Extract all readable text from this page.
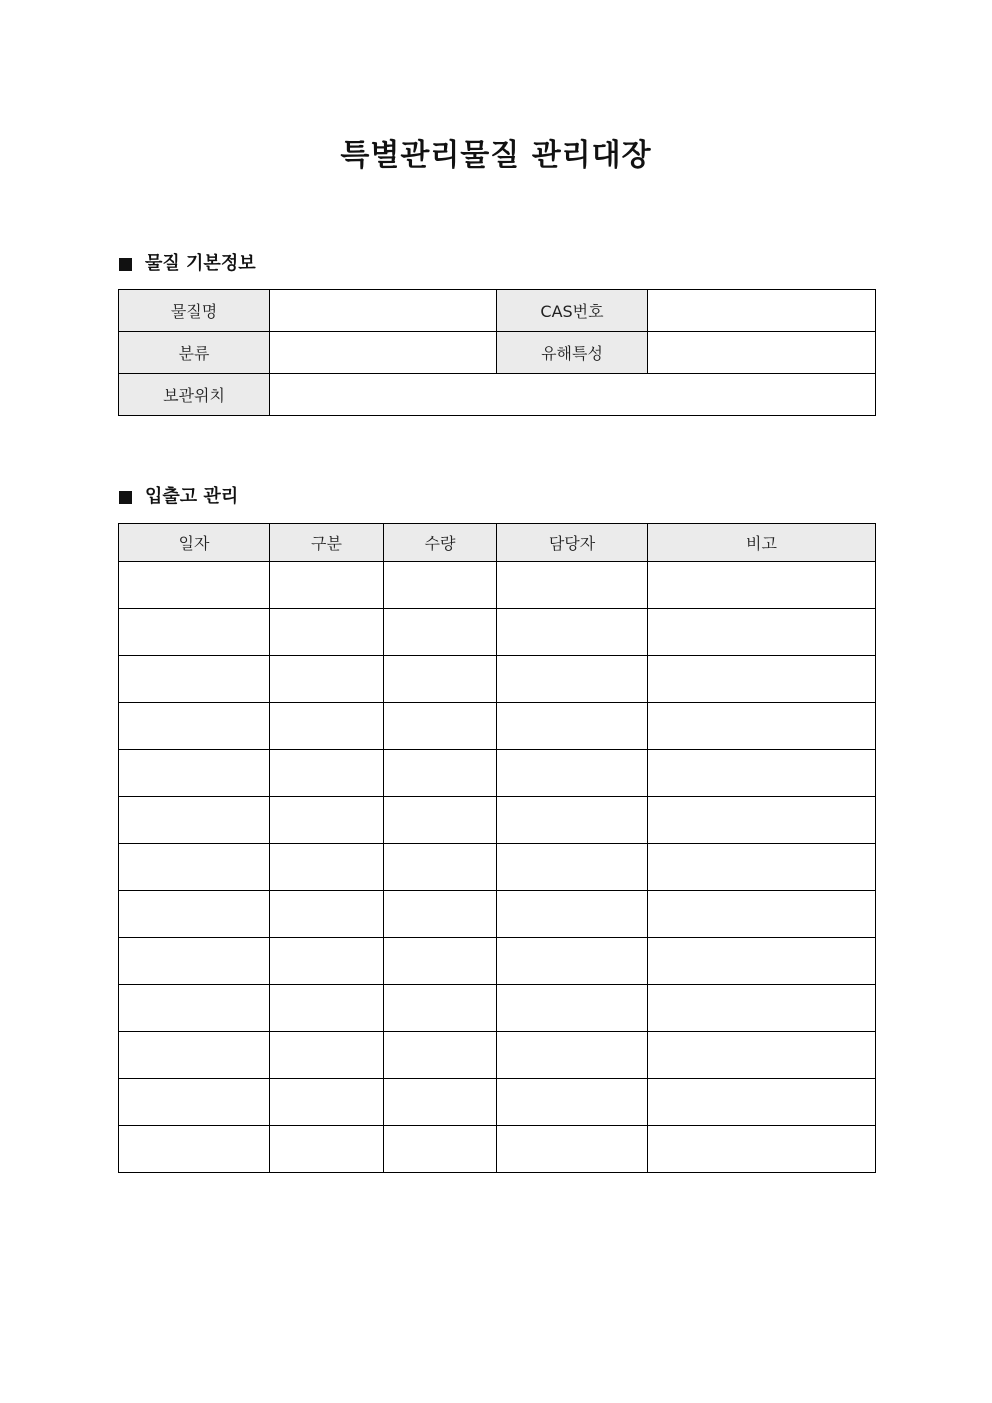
특별관리물질 관리대장
물질 기본정보
물질명		CAS번호	
분류		유해특성	
보관위치			
입출고 관리
일자	구분	수량	담당자	비고
